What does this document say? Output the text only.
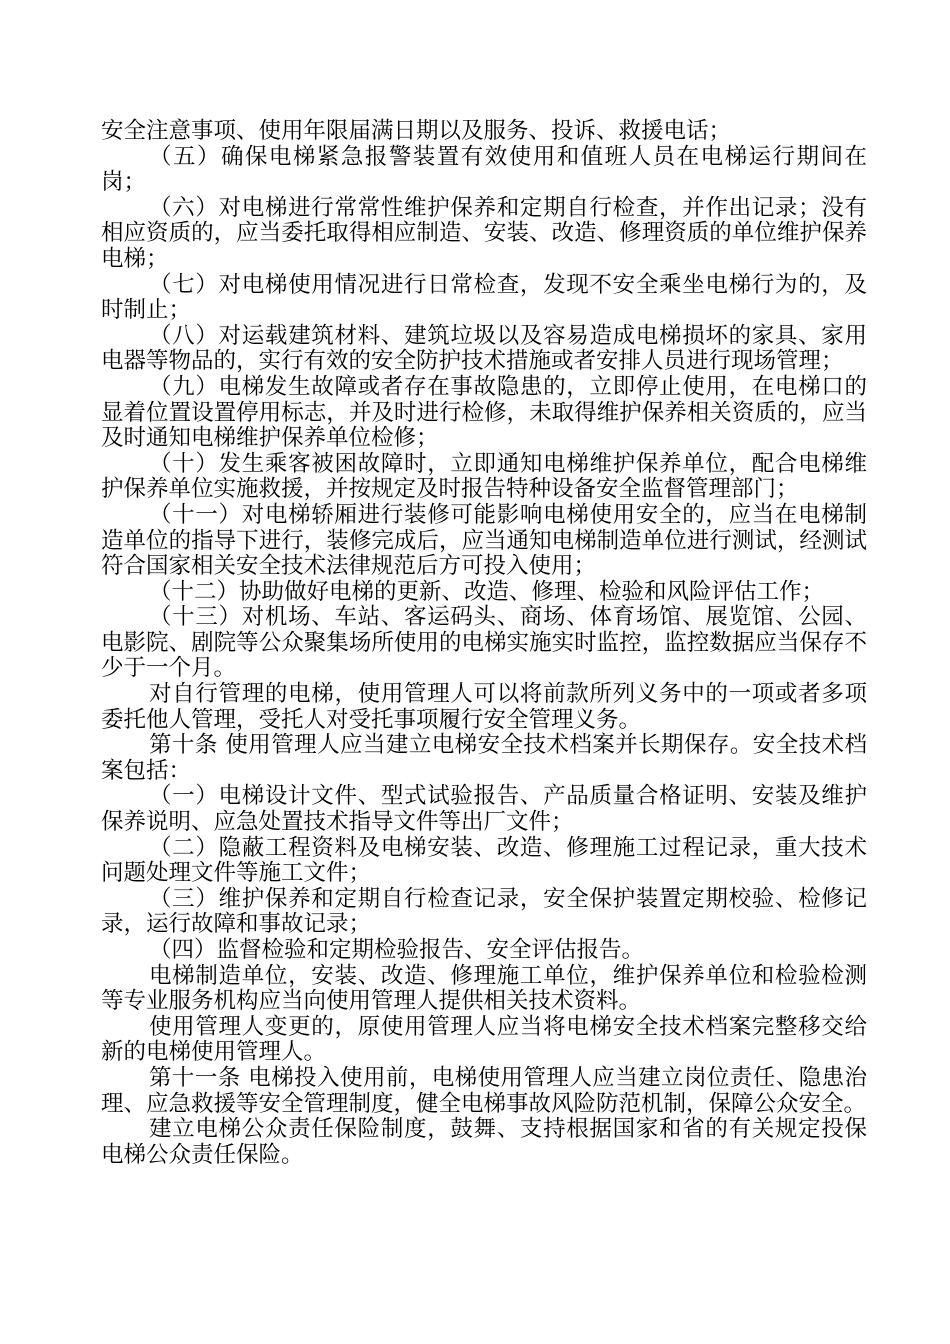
安全注意事项、使用年限届满日期以及服务、投诉、救援电话；

（五）确保电梯紧急报警装置有效使用和值班人员在电梯运行期间在岗；

（六）对电梯进行常常性维护保养和定期自行检查，并作出记录；没有相应资质的，应当委托取得相应制造、安装、改造、修理资质的单位维护保养电梯；

（七）对电梯使用情况进行日常检查，发现不安全乘坐电梯行为的，及时制止；

（八）对运载建筑材料、建筑垃圾以及容易造成电梯损坏的家具、家用电器等物品的，实行有效的安全防护技术措施或者安排人员进行现场管理；

（九）电梯发生故障或者存在事故隐患的，立即停止使用，在电梯口的显着位置设置停用标志，并及时进行检修，未取得维护保养相关资质的，应当及时通知电梯维护保养单位检修；

（十）发生乘客被困故障时，立即通知电梯维护保养单位，配合电梯维护保养单位实施救援，并按规定及时报告特种设备安全监督管理部门；

（十一）对电梯轿厢进行装修可能影响电梯使用安全的，应当在电梯制造单位的指导下进行，装修完成后，应当通知电梯制造单位进行测试，经测试符合国家相关安全技术法律规范后方可投入使用；

（十二）协助做好电梯的更新、改造、修理、检验和风险评估工作；

（十三）对机场、车站、客运码头、商场、体育场馆、展览馆、公园、电影院、剧院等公众聚集场所使用的电梯实施实时监控，监控数据应当保存不少于一个月。

对自行管理的电梯，使用管理人可以将前款所列义务中的一项或者多项委托他人管理，受托人对受托事项履行安全管理义务。

第十条 使用管理人应当建立电梯安全技术档案并长期保存。安全技术档案包括：

（一）电梯设计文件、型式试验报告、产品质量合格证明、安装及维护保养说明、应急处置技术指导文件等出厂文件；

（二）隐蔽工程资料及电梯安装、改造、修理施工过程记录，重大技术问题处理文件等施工文件；

（三）维护保养和定期自行检查记录，安全保护装置定期校验、检修记录，运行故障和事故记录；

（四）监督检验和定期检验报告、安全评估报告。

电梯制造单位，安装、改造、修理施工单位，维护保养单位和检验检测等专业服务机构应当向使用管理人提供相关技术资料。

使用管理人变更的，原使用管理人应当将电梯安全技术档案完整移交给新的电梯使用管理人。

第十一条 电梯投入使用前，电梯使用管理人应当建立岗位责任、隐患治理、应急救援等安全管理制度，健全电梯事故风险防范机制，保障公众安全。

建立电梯公众责任保险制度，鼓舞、支持根据国家和省的有关规定投保电梯公众责任保险。
